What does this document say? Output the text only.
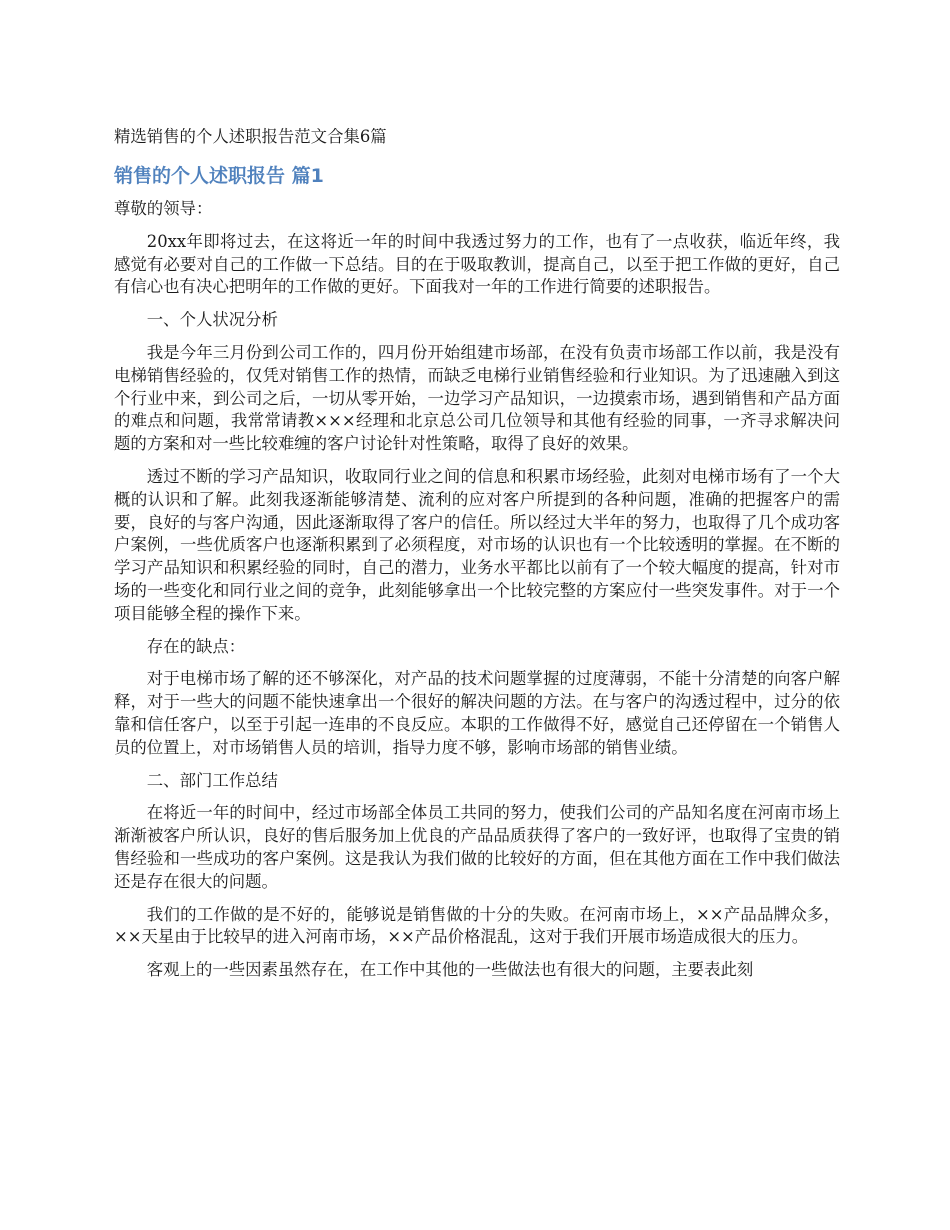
精选销售的个人述职报告范文合集6篇
销售的个人述职报告 篇1
尊敬的领导：

20xx年即将过去，在这将近一年的时间中我透过努力的工作，也有了一点收获，临近年终，我感觉有必要对自己的工作做一下总结。目的在于吸取教训，提高自己，以至于把工作做的更好，自己有信心也有决心把明年的工作做的更好。下面我对一年的工作进行简要的述职报告。

一、个人状况分析

我是今年三月份到公司工作的，四月份开始组建市场部，在没有负责市场部工作以前，我是没有电梯销售经验的，仅凭对销售工作的热情，而缺乏电梯行业销售经验和行业知识。为了迅速融入到这个行业中来，到公司之后，一切从零开始，一边学习产品知识，一边摸索市场，遇到销售和产品方面的难点和问题，我常常请教×××经理和北京总公司几位领导和其他有经验的同事，一齐寻求解决问题的方案和对一些比较难缠的客户讨论针对性策略，取得了良好的效果。

透过不断的学习产品知识，收取同行业之间的信息和积累市场经验，此刻对电梯市场有了一个大概的认识和了解。此刻我逐渐能够清楚、流利的应对客户所提到的各种问题，准确的把握客户的需要，良好的与客户沟通，因此逐渐取得了客户的信任。所以经过大半年的努力，也取得了几个成功客户案例，一些优质客户也逐渐积累到了必须程度，对市场的认识也有一个比较透明的掌握。在不断的学习产品知识和积累经验的同时，自己的潜力，业务水平都比以前有了一个较大幅度的提高，针对市场的一些变化和同行业之间的竞争，此刻能够拿出一个比较完整的方案应付一些突发事件。对于一个项目能够全程的操作下来。

存在的缺点：

对于电梯市场了解的还不够深化，对产品的技术问题掌握的过度薄弱，不能十分清楚的向客户解释，对于一些大的问题不能快速拿出一个很好的解决问题的方法。在与客户的沟透过程中，过分的依靠和信任客户，以至于引起一连串的不良反应。本职的工作做得不好，感觉自己还停留在一个销售人员的位置上，对市场销售人员的培训，指导力度不够，影响市场部的销售业绩。

二、部门工作总结

在将近一年的时间中，经过市场部全体员工共同的努力，使我们公司的产品知名度在河南市场上渐渐被客户所认识，良好的售后服务加上优良的产品品质获得了客户的一致好评，也取得了宝贵的销售经验和一些成功的客户案例。这是我认为我们做的比较好的方面，但在其他方面在工作中我们做法还是存在很大的问题。

我们的工作做的是不好的，能够说是销售做的十分的失败。在河南市场上，××产品品牌众多，××天星由于比较早的进入河南市场，××产品价格混乱，这对于我们开展市场造成很大的压力。

客观上的一些因素虽然存在，在工作中其他的一些做法也有很大的问题，主要表此刻
